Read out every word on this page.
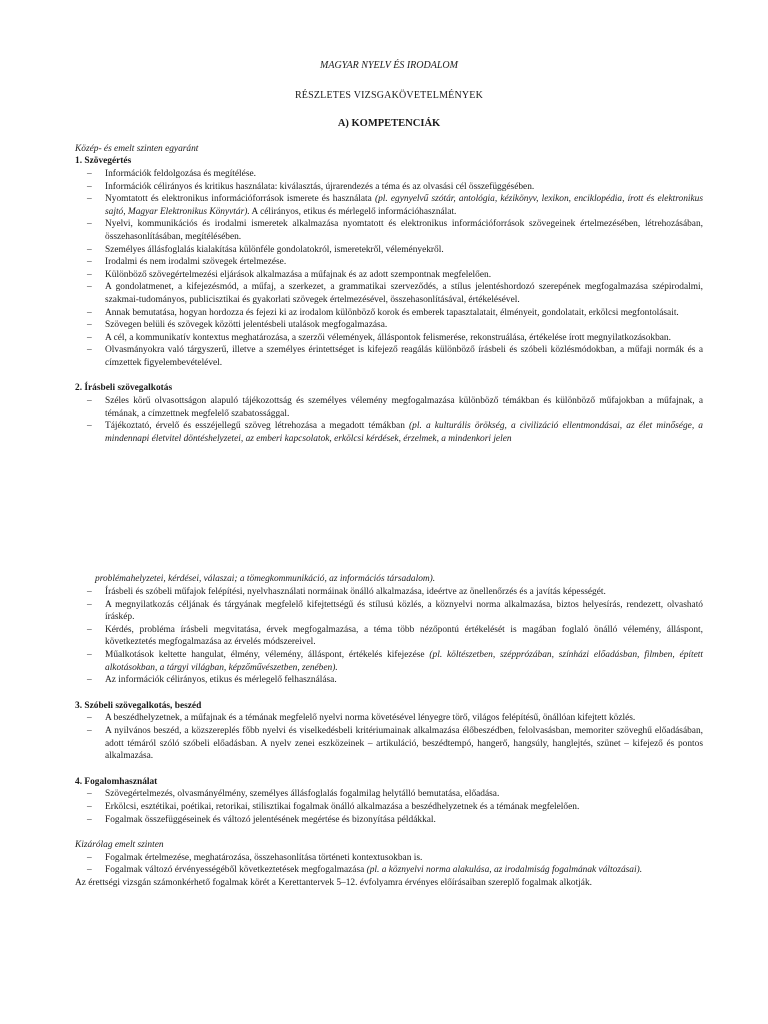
MAGYAR NYELV ÉS IRODALOM
RÉSZLETES VIZSGAKÖVETELMÉNYEK
A) KOMPETENCIÁK
Közép- és emelt szinten egyaránt
1. Szövegértés
– Információk feldolgozása és megítélése.
– Információk célirányos és kritikus használata: kiválasztás, újrarendezés a téma és az olvasási cél összefüggésében.
– Nyomtatott és elektronikus információforrások ismerete és használata (pl. egynyelvű szótár, antológia, kézikönyv, lexikon, enciklopédia, írott és elektronikus sajtó, Magyar Elektronikus Könyvtár). A célirányos, etikus és mérlegelő információhasználat.
– Nyelvi, kommunikációs és irodalmi ismeretek alkalmazása nyomtatott és elektronikus információforrások szövegeinek értelmezésében, létrehozásában, összehasonlításában, megítélésében.
– Személyes állásfoglalás kialakítása különféle gondolatokról, ismeretekről, véleményekről.
– Irodalmi és nem irodalmi szövegek értelmezése.
– Különböző szövegértelmezési eljárások alkalmazása a műfajnak és az adott szempontnak megfelelően.
– A gondolatmenet, a kifejezésmód, a műfaj, a szerkezet, a grammatikai szerveződés, a stílus jelentéshordozó szerepének megfogalmazása szépirodalmi, szakmai-tudományos, publicisztikai és gyakorlati szövegek értelmezésével, összehasonlításával, értékelésével.
– Annak bemutatása, hogyan hordozza és fejezi ki az irodalom különböző korok és emberek tapasztalatait, élményeit, gondolatait, erkölcsi megfontolásait.
– Szövegen belüli és szövegek közötti jelentésbeli utalások megfogalmazása.
– A cél, a kommunikatív kontextus meghatározása, a szerzői vélemények, álláspontok felismerése, rekonstruálása, értékelése írott megnyilatkozásokban.
– Olvasmányokra való tárgyszerű, illetve a személyes érintettséget is kifejező reagálás különböző írásbeli és szóbeli közlésmódokban, a műfaji normák és a címzettek figyelembevételével.
2. Írásbeli szövegalkotás
– Széles körű olvasottságon alapuló tájékozottság és személyes vélemény megfogalmazása különböző témákban és különböző műfajokban a műfajnak, a témának, a címzettnek megfelelő szabatossággal.
– Tájékoztató, érvelő és esszéjellegű szöveg létrehozása a megadott témákban (pl. a kulturális örökség, a civilizáció ellentmondásai, az élet minősége, a mindennapi életvitel döntéshelyzetei, az emberi kapcsolatok, erkölcsi kérdések, érzelmek, a mindenkori jelen
problémahelyzetei, kérdései, válaszai; a tömegkommunikáció, az információs társadalom).
– Írásbeli és szóbeli műfajok felépítési, nyelvhasználati normáinak önálló alkalmazása, ideértve az önellenőrzés és a javítás képességét.
– A megnyilatkozás céljának és tárgyának megfelelő kifejtettségű és stílusú közlés, a köznyelvi norma alkalmazása, biztos helyesírás, rendezett, olvasható íráskép.
– Kérdés, probléma írásbeli megvitatása, érvek megfogalmazása, a téma több nézőpontú értékelését is magában foglaló önálló vélemény, álláspont, következtetés megfogalmazása az érvelés módszereivel.
– Műalkotások keltette hangulat, élmény, vélemény, álláspont, értékelés kifejezése (pl. költészetben, szépprózában, színházi előadásban, filmben, épített alkotásokban, a tárgyi világban, képzőművészetben, zenében).
– Az információk célirányos, etikus és mérlegelő felhasználása.
3. Szóbeli szövegalkotás, beszéd
– A beszédhelyzetnek, a műfajnak és a témának megfelelő nyelvi norma követésével lényegre törő, világos felépítésű, önállóan kifejtett közlés.
– A nyilvános beszéd, a közszereplés főbb nyelvi és viselkedésbeli kritériumainak alkalmazása élőbeszédben, felolvasásban, memoriter szöveghű előadásában, adott témáról szóló szóbeli előadásban. A nyelv zenei eszközeinek – artikuláció, beszédtempó, hangerő, hangsúly, hanglejtés, szünet – kifejező és pontos alkalmazása.
4. Fogalomhasználat
– Szövegértelmezés, olvasmányélmény, személyes állásfoglalás fogalmilag helytálló bemutatása, előadása.
– Erkölcsi, esztétikai, poétikai, retorikai, stilisztikai fogalmak önálló alkalmazása a beszédhelyzetnek és a témának megfelelően.
– Fogalmak összefüggéseinek és változó jelentésének megértése és bizonyítása példákkal.
Kizárólag emelt szinten
– Fogalmak értelmezése, meghatározása, összehasonlítása történeti kontextusokban is.
– Fogalmak változó érvényességéből következtetések megfogalmazása (pl. a köznyelvi norma alakulása, az irodalmiság fogalmának változásai).

Az érettségi vizsgán számonkérhető fogalmak körét a Kerettantervek 5–12. évfolyamra érvényes előírásaiban szereplő fogalmak alkotják.
